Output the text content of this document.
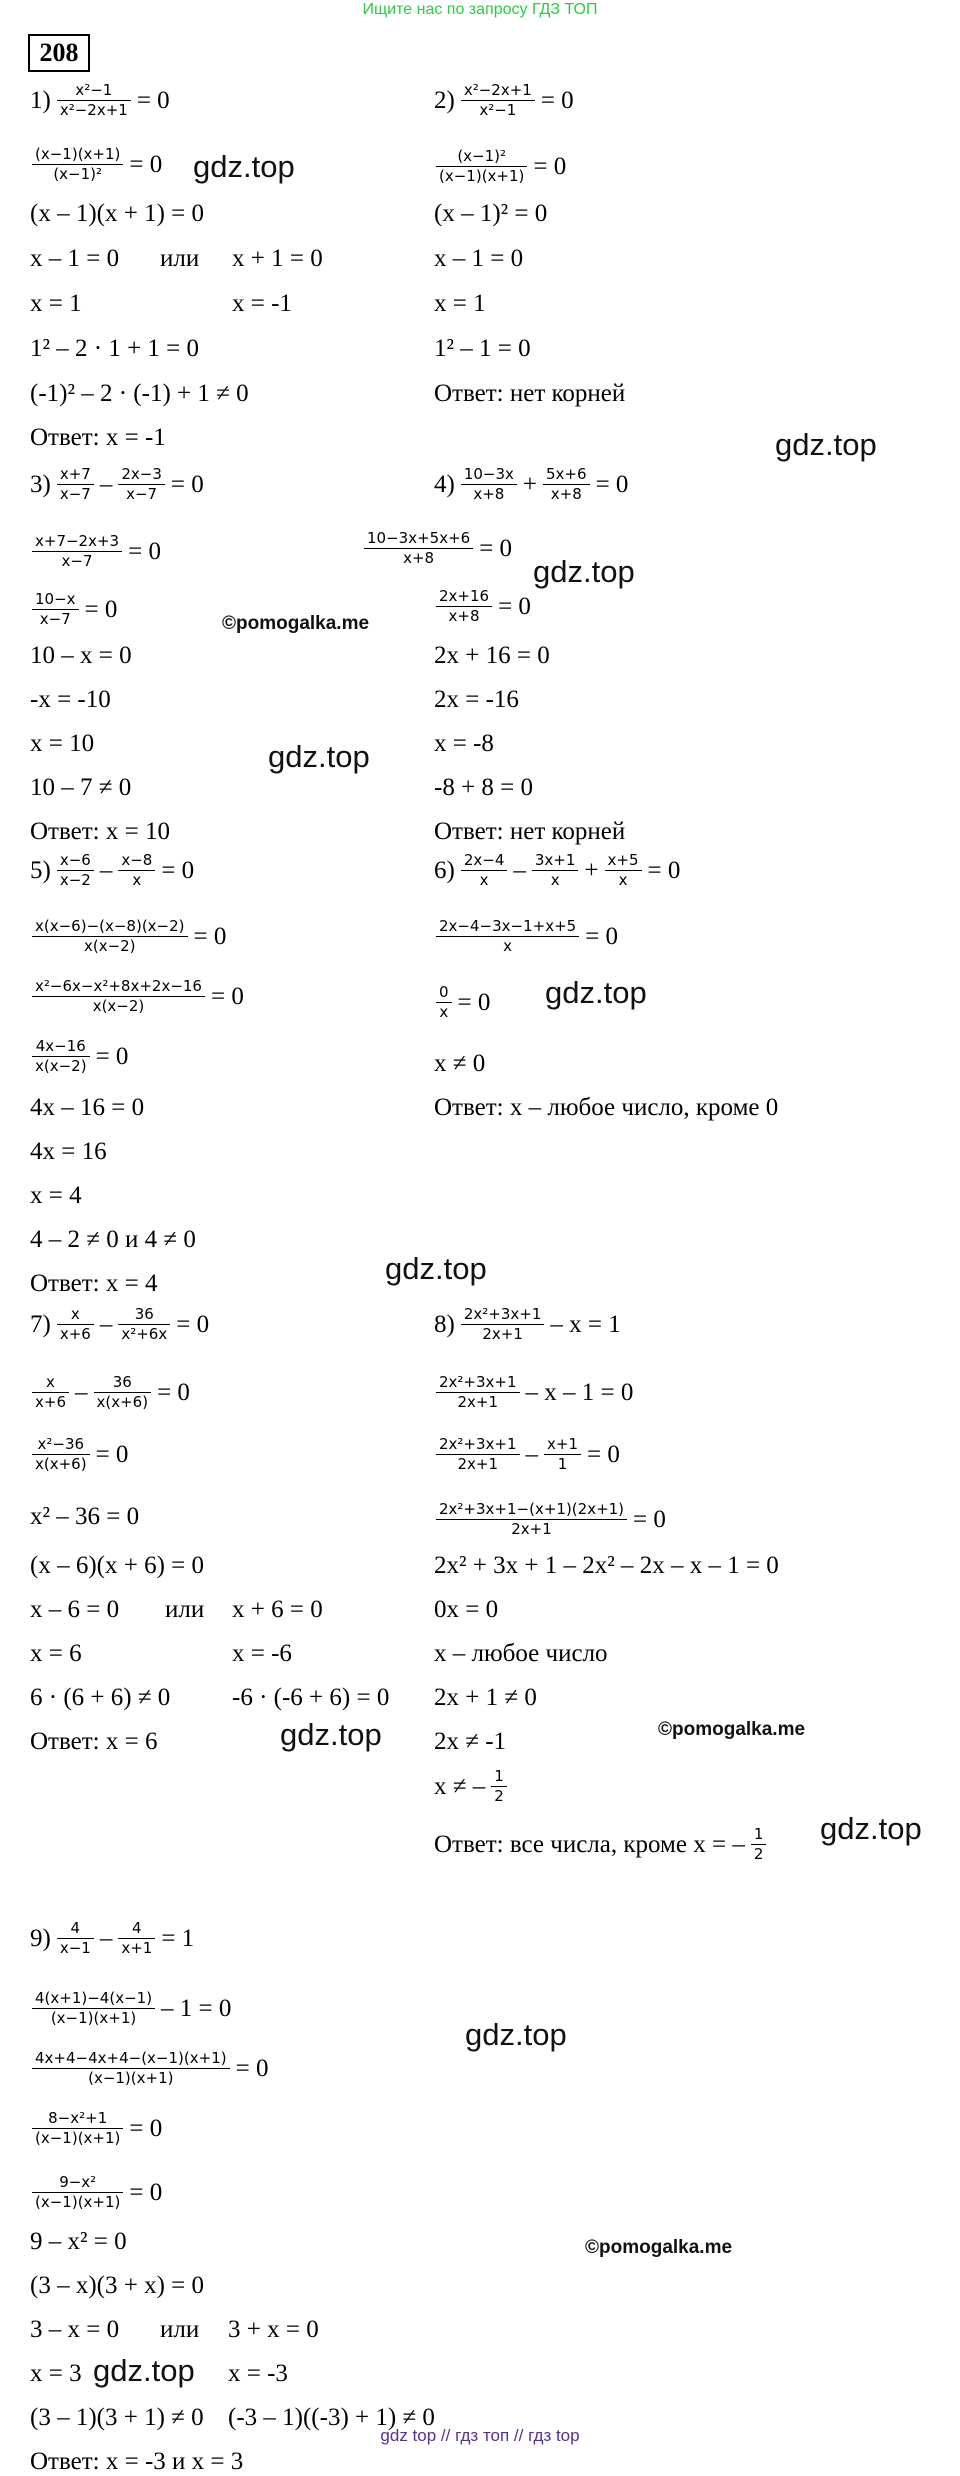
Ищите нас по запросу ГДЗ ТОП
208
$1) \frac{\text{x²−1}}{\text{x²−2x+1}} = 0$
$\frac{(x-1)(x+1)}{\text{(x−1)²}} = 0$
(x – 1)(x + 1) = 0
x – 1 = 0 или x + 1 = 0
x = 1	x = -1
1² – 2 · 1 + 1 = 0
(-1)² – 2 · (-1) + 1 ≠ 0
Ответ: x = -1
$2) \frac{\text{x²−2x+1}}{\text{x²−1}} = 0$
$\frac{\text{(x−1)²}}{(x-1)(x+1)} = 0$
(x – 1)² = 0
x – 1 = 0
x = 1
1² – 1 = 0
Ответ: нет корней
3) x+7
$x-7 - \frac{2x-3}{x-7} = 0$
$\frac{x+7-2x+3}{x-7} = 0$
$\frac{10-x}{x-7} = 0$
10 – x = 0
-x = -10
x = 10
10 – 7 ≠ 0
Ответ: x = 10
4) 10−3x
$x+8 + \frac{5x+6}{x+8} = 0$
$\frac{10-3x+5x+6}{x+8} = 0$
$\frac{2x+16}{x+8} = 0$
2x + 16 = 0
2x = -16
x = -8
-8 + 8 = 0
Ответ: нет корней
5) x−6
$x-2 - \frac{x-8}{x} = 0$
$\frac{x(x-6)-(x-8)(x-2)}{x(x-2)} = 0$
$\frac{\text{x²−6x−x²+8x+2x−16}}{x(x-2)} = 0$
$\frac{4x-16}{x(x-2)} = 0$
4x – 16 = 0
4x = 16
x = 4
4 – 2 ≠ 0 и 4 ≠ 0
Ответ: x = 4
6) 2x−4
x – 3x+1
$x + \frac{x+5}{x} = 0$
$\frac{2x-4-3x-1+x+5}{x} = 0$
$\frac{0}{x} = 0$
x ≠ 0
Ответ: x – любое число, кроме 0
7)	x
$x+6 - \frac{36}{\text{x²+6x}} = 0$
x
$x+6 - \frac{36}{x(x+6)} = 0$
$\frac{\text{x²−36}}{x(x+6)} = 0$
x² – 36 = 0
(x – 6)(x + 6) = 0
x – 6 = 0 или x + 6 = 0
x = 6	x = -6
6 · (6 + 6) ≠ 0 -6 · (-6 + 6) = 0
Ответ: x = 6
8) 2x²+3x+1
2x+1	– x = 1
2x²+3x+1
2x+1	– x – 1 = 0
2x²+3x+1
2x+1	– $\frac{x+1}{1} = 0$
$\frac{\text{2x²+3x+1−(x+1)(2x+1)}}{2x+1} = 0$
2x² + 3x + 1 – 2x² – 2x – x – 1 = 0
0x = 0
x – любое число
2x + 1 ≠ 0
2x ≠ -1
x ≠ – 1
2
Ответ: все числа, кроме x = – 1
2
9)	4
$x-1 - \frac{4}{x+1} = 1$
4(x+1)−4(x−1)
(x−1)(x+1) – 1 = 0
$\frac{4x+4-4x+4-(x-1)(x+1)}{(x-1)(x+1)} = 0$
$\frac{\text{8−x²+1}}{(x-1)(x+1)} = 0$
$\frac{\text{9−x²}}{(x-1)(x+1)} = 0$
9 – x² = 0
(3 – x)(3 + x) = 0
3 – x = 0 или 3 + x = 0
x = 3	x = -3
(3 – 1)(3 + 1) ≠ 0 (-3 – 1)((-3) + 1) ≠ 0
Ответ: x = -3 и x = 3
gdz.top
gdz.top
gdz.top
©pomogalka.me
gdz.top
gdz.top
gdz.top
gdz.top	©pomogalka.me
gdz.top
gdz.top
©pomogalka.me
gdz.top
gdz top // гдз топ // гдз top
